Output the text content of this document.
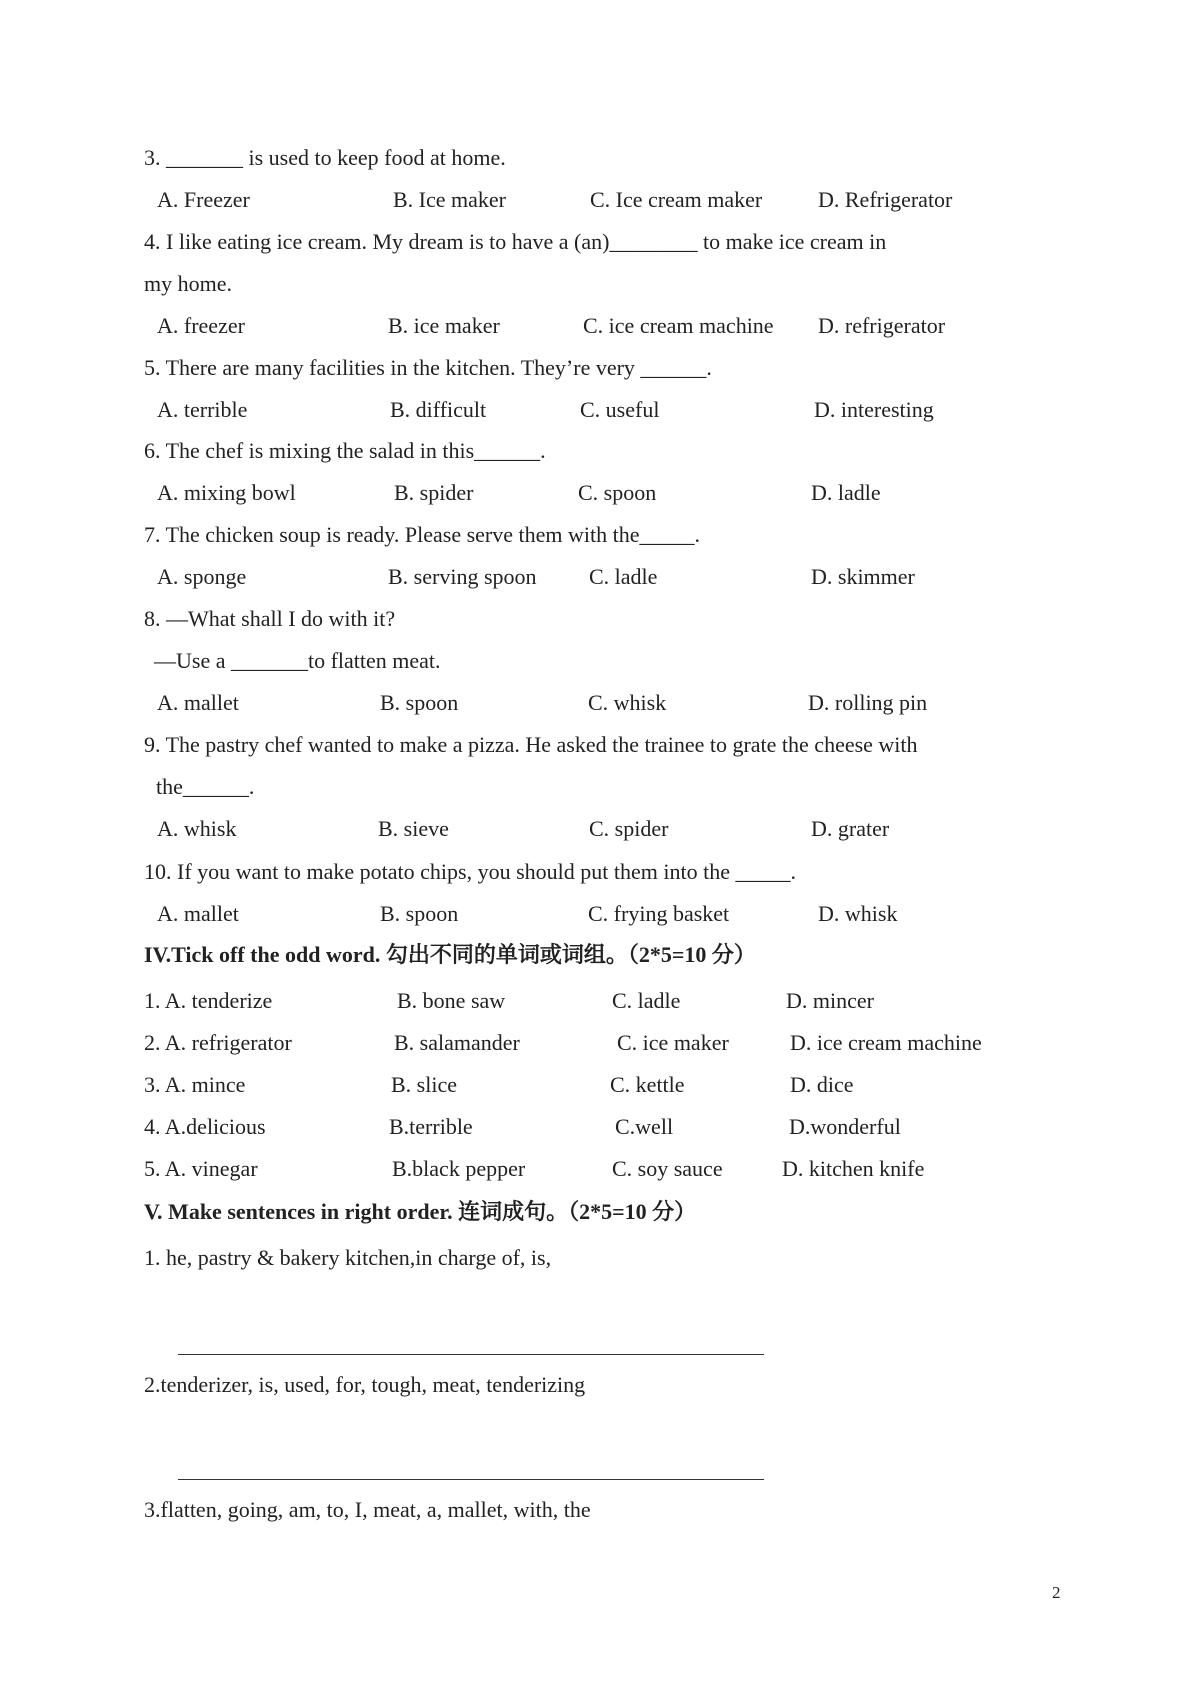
3. _______ is used to keep food at home.
A. Freezer	B. Ice maker	C. Ice cream maker	D. Refrigerator
4. I like eating ice cream. My dream is to have a (an)________ to make ice cream in
my home.
A. freezer	B. ice maker	C. ice cream machine D. refrigerator
5. There are many facilities in the kitchen. They’re very ______.
A. terrible	B. difficult	C. useful	D. interesting
6. The chef is mixing the salad in this______.
A. mixing bowl	B. spider	C. spoon	D. ladle
7. The chicken soup is ready. Please serve them with the_____.
A. sponge	B. serving spoon C. ladle	D. skimmer
8. —What shall I do with it?
—Use a _______to flatten meat.
A. mallet	B. spoon	C. whisk	D. rolling pin
9. The pastry chef wanted to make a pizza. He asked the trainee to grate the cheese with
the______.
A. whisk	B. sieve	C. spider	D. grater
10. If you want to make potato chips, you should put them into the _____.
A. mallet	B. spoon	C. frying basket	D. whisk
IV.Tick off the odd word. 勾出不同的单词或词组。（2*5=10 分）
1. A. tenderize	B. bone saw	C. ladle	D. mincer
2. A. refrigerator	B. salamander	C. ice maker	D. ice cream machine
3. A. mince	B. slice	C. kettle	D. dice
4. A.delicious	B.terrible	C.well	D.wonderful
5. A. vinegar	B.black pepper	C. soy sauce	D. kitchen knife
V. Make sentences in right order. 连词成句。（2*5=10 分）
1. he, pastry & bakery kitchen,in charge of, is,
2.tenderizer, is, used, for, tough, meat, tenderizing
3.flatten, going, am, to, I, meat, a, mallet, with, the
2
